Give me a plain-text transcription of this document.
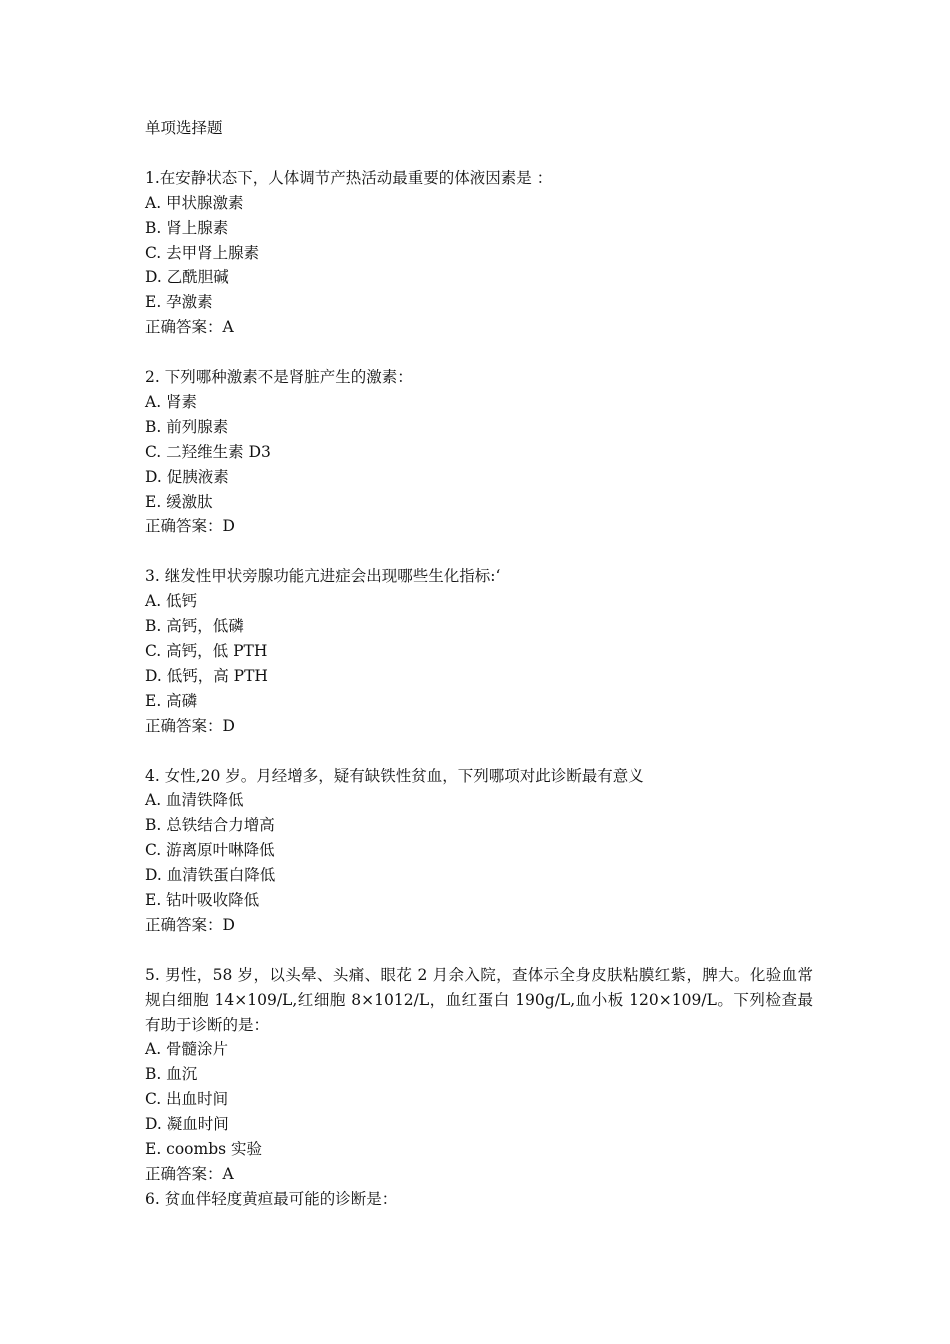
单项选择题
1.在安静状态下，人体调节产热活动最重要的体液因素是 ：
A. 甲状腺激素
B. 肾上腺素
C. 去甲肾上腺素
D. 乙酰胆碱
E. 孕激素
正确答案：A
2. 下列哪种激素不是肾脏产生的激素：
A. 肾素
B. 前列腺素
C. 二羟维生素 D3
D. 促胰液素
E. 缓激肽
正确答案：D
3. 继发性甲状旁腺功能亢进症会出现哪些生化指标:‘
A. 低钙
B. 高钙，低磷
C. 高钙，低 PTH
D. 低钙，高 PTH
E. 高磷
正确答案：D
4. 女性,20 岁。月经增多，疑有缺铁性贫血，下列哪项对此诊断最有意义
A. 血清铁降低
B. 总铁结合力增高
C. 游离原叶啉降低
D. 血清铁蛋白降低
E. 钴叶吸收降低
正确答案：D
5. 男性，58 岁，以头晕、头痛、眼花 2 月余入院，查体示全身皮肤粘膜红紫，脾大。化验血常规白细胞 14×109/L,红细胞 8×1012/L，血红蛋白 190g/L,血小板 120×109/L。下列检查最有助于诊断的是：
A. 骨髓涂片
B. 血沉
C. 出血时间
D. 凝血时间
E. coombs 实验
正确答案：A
6. 贫血伴轻度黄疸最可能的诊断是：
